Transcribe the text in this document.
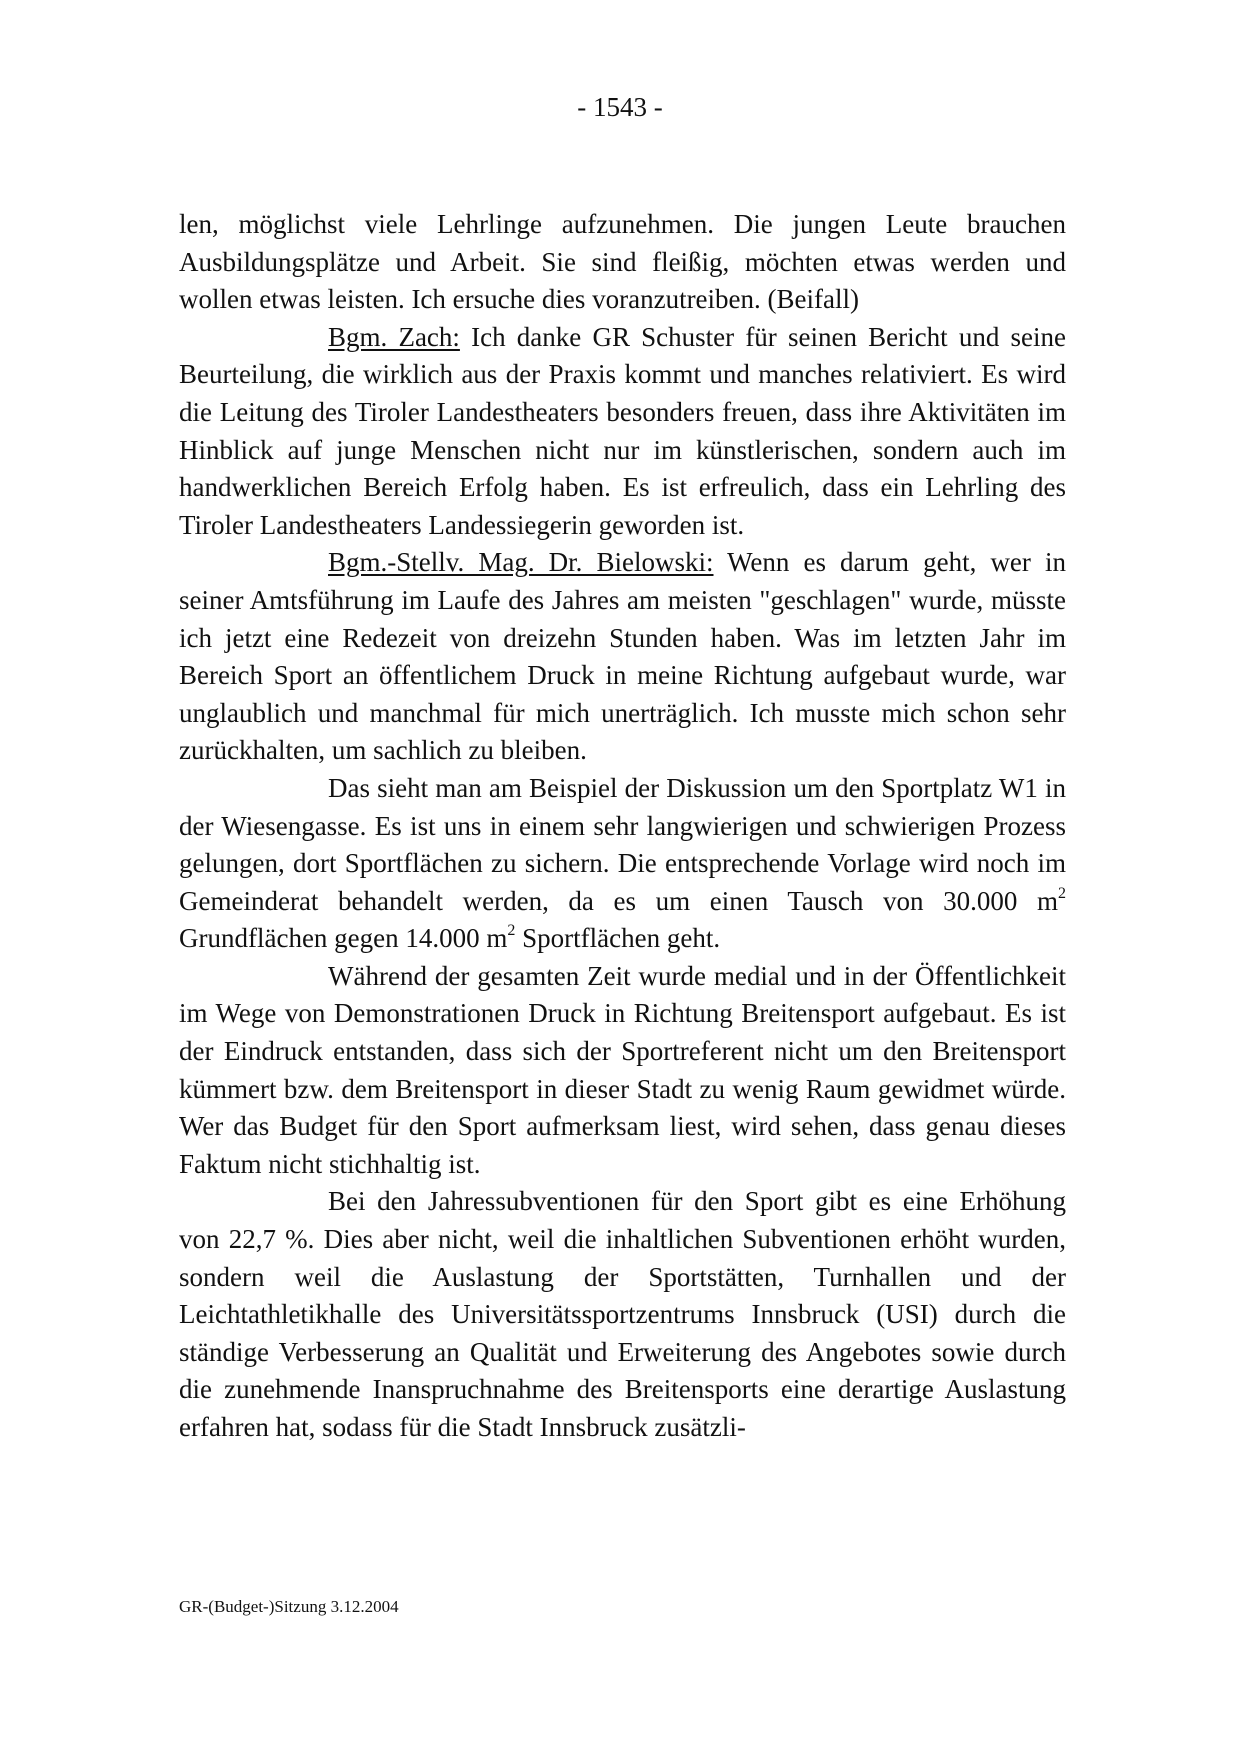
- 1543 -

len, möglichst viele Lehrlinge aufzunehmen. Die jungen Leute brauchen Ausbildungsplätze und Arbeit. Sie sind fleißig, möchten etwas werden und wollen etwas leisten. Ich ersuche dies voranzutreiben. (Beifall)

Bgm. Zach: Ich danke GR Schuster für seinen Bericht und seine Beurteilung, die wirklich aus der Praxis kommt und manches relativiert. Es wird die Leitung des Tiroler Landestheaters besonders freuen, dass ihre Aktivitäten im Hinblick auf junge Menschen nicht nur im künstlerischen, sondern auch im handwerklichen Bereich Erfolg haben. Es ist erfreulich, dass ein Lehrling des Tiroler Landestheaters Landessiegerin geworden ist.

Bgm.-Stellv. Mag. Dr. Bielowski: Wenn es darum geht, wer in seiner Amtsführung im Laufe des Jahres am meisten "geschlagen" wurde, müsste ich jetzt eine Redezeit von dreizehn Stunden haben. Was im letzten Jahr im Bereich Sport an öffentlichem Druck in meine Richtung aufgebaut wurde, war unglaublich und manchmal für mich unerträglich. Ich musste mich schon sehr zurückhalten, um sachlich zu bleiben.

Das sieht man am Beispiel der Diskussion um den Sportplatz W1 in der Wiesengasse. Es ist uns in einem sehr langwierigen und schwierigen Prozess gelungen, dort Sportflächen zu sichern. Die entsprechende Vorlage wird noch im Gemeinderat behandelt werden, da es um einen Tausch von 30.000 $m^2$ Grundflächen gegen 14.000 $m^2$ Sportflächen geht.

Während der gesamten Zeit wurde medial und in der Öffentlichkeit im Wege von Demonstrationen Druck in Richtung Breitensport aufgebaut. Es ist der Eindruck entstanden, dass sich der Sportreferent nicht um den Breitensport kümmert bzw. dem Breitensport in dieser Stadt zu wenig Raum gewidmet würde. Wer das Budget für den Sport aufmerksam liest, wird sehen, dass genau dieses Faktum nicht stichhaltig ist.

Bei den Jahressubventionen für den Sport gibt es eine Erhöhung von 22,7 %. Dies aber nicht, weil die inhaltlichen Subventionen erhöht wurden, sondern weil die Auslastung der Sportstätten, Turnhallen und der Leichtathletikhalle des Universitätssportzentrums Innsbruck (USI) durch die ständige Verbesserung an Qualität und Erweiterung des Angebotes sowie durch die zunehmende Inanspruchnahme des Breitensports eine derartige Auslastung erfahren hat, sodass für die Stadt Innsbruck zusätzli-

GR-(Budget-)Sitzung 3.12.2004
